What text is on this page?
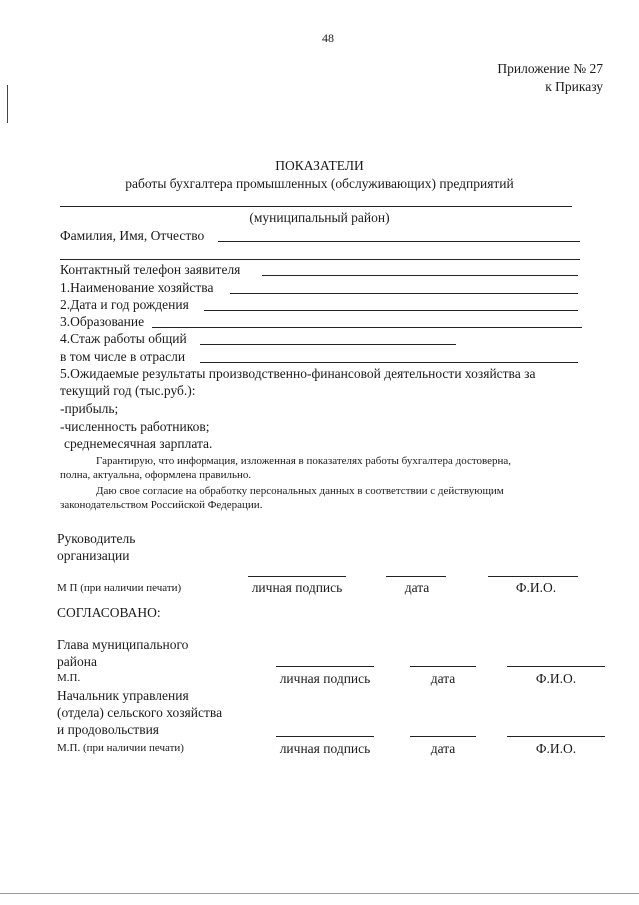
48
Приложение № 27
к Приказу
ПОКАЗАТЕЛИ
работы бухгалтера промышленных (обслуживающих) предприятий
(муниципальный район)
Фамилия, Имя, Отчество
Контактный телефон заявителя
1.Наименование хозяйства
2.Дата и год рождения
3.Образование
4.Стаж работы общий
в том числе в отрасли
5.Ожидаемые результаты производственно-финансовой деятельности хозяйства за
текущий год (тыс.руб.):
-прибыль;
-численность работников;
среднемесячная зарплата.
Гарантирую, что информация, изложенная в показателях работы бухгалтера достоверна,
полна, актуальна, оформлена правильно.
Даю свое согласие на обработку персональных данных в соответствии с действующим
законодательством Российской Федерации.
Руководитель
организации
М П (при наличии печати)	личная подпись	дата	Ф.И.О.
СОГЛАСОВАНО:
Глава муниципального
района
М.П.	личная подпись	дата	Ф.И.О.
Начальник управления
(отдела) сельского хозяйства
и продовольствия
М.П. (при наличии печати)	личная подпись	дата	Ф.И.О.
